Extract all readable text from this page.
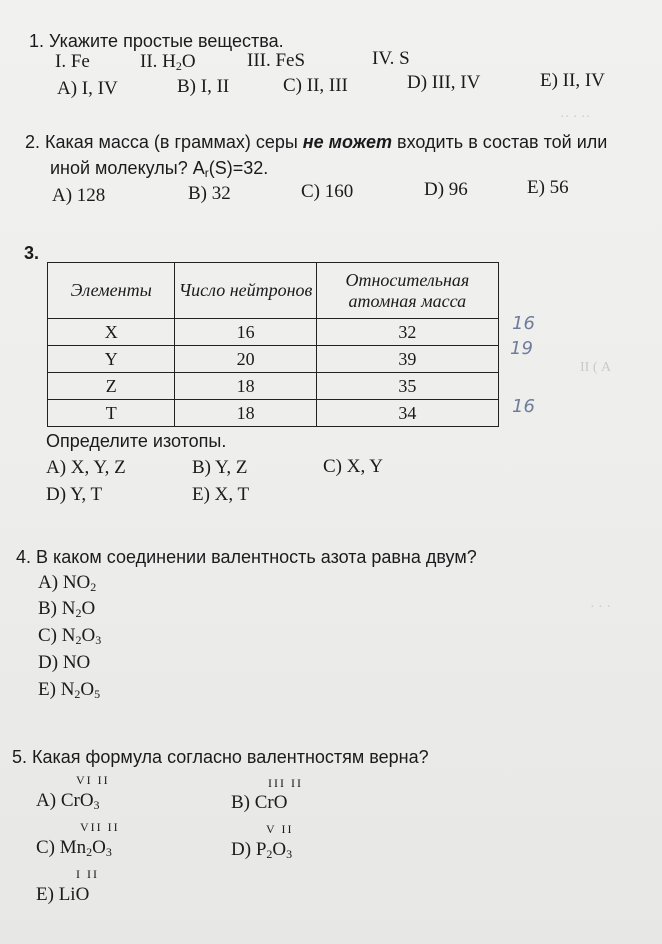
·· · ··
ІІ ( А
· · ·
1. Укажите простые вещества.
I. Fe	II. $H_2O$	III. FeS	IV. S
A) I, IV	B) I, II	C) II, III	D) III, IV	E) II, IV
2. Какая масса (в граммах) серы не может входить в состав той или
иной молекулы? $A_r(S)=32$.
A) 128	B) 32	C) 160	D) 96	E) 56
3.
Элементы	Число нейтронов	Относительная атомная масса
X	16	32
Y	20	39
Z	18	35
T	18	34
16
19
16
Определите изотопы.
A) X, Y, Z	B) Y, Z	C) X, Y
D) Y, T	E) X, T
4. В каком соединении валентность азота равна двум?
A) $NO_2$
B) $N_2O$
C) $N_2O_3$
D) NO
E) $N_2O_5$
5. Какая формула согласно валентностям верна?
VI II
A) CrO$_3$
III II
B) CrO
VII II
C) $Mn_2O_3$
V II
D) $P_2O_3$
I II
E) LiO
